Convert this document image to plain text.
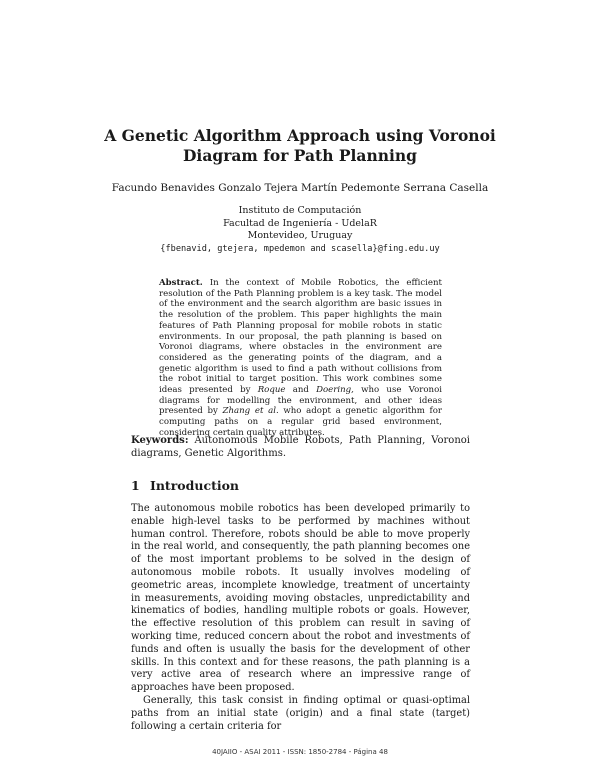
A Genetic Algorithm Approach using Voronoi
Diagram for Path Planning
Facundo Benavides Gonzalo Tejera Martín Pedemonte Serrana Casella
Instituto de Computación
Facultad de Ingeniería - UdelaR
Montevideo, Uruguay
{fbenavid, gtejera, mpedemon and scasella}@fing.edu.uy
Abstract. In the context of Mobile Robotics, the efficient resolution of the Path Planning problem is a key task. The model of the environment and the search algorithm are basic issues in the resolution of the problem. This paper highlights the main features of Path Planning proposal for mobile robots in static environments. In our proposal, the path planning is based on Voronoi diagrams, where obstacles in the environment are considered as the generating points of the diagram, and a genetic algorithm is used to find a path without collisions from the robot initial to target position. This work combines some ideas presented by Roque and Doering, who use Voronoi diagrams for modelling the environment, and other ideas presented by Zhang et al. who adopt a genetic algorithm for computing paths on a regular grid based environment, considering certain quality attributes.
Keywords: Autonomous Mobile Robots, Path Planning, Voronoi diagrams, Genetic Algorithms.
1 Introduction

The autonomous mobile robotics has been developed primarily to enable high-level tasks to be performed by machines without human control. Therefore, robots should be able to move properly in the real world, and consequently, the path planning becomes one of the most important problems to be solved in the design of autonomous mobile robots. It usually involves modeling of geometric areas, incomplete knowledge, treatment of uncertainty in measurements, avoiding moving obstacles, unpredictability and kinematics of bodies, handling multiple robots or goals. However, the effective resolution of this problem can result in saving of working time, reduced concern about the robot and investments of funds and often is usually the basis for the development of other skills. In this context and for these reasons, the path planning is a very active area of research where an impressive range of approaches have been proposed.

Generally, this task consist in finding optimal or quasi-optimal paths from an initial state (origin) and a final state (target) following a certain criteria for

40JAIIO - ASAI 2011 - ISSN: 1850-2784 - Página 48
